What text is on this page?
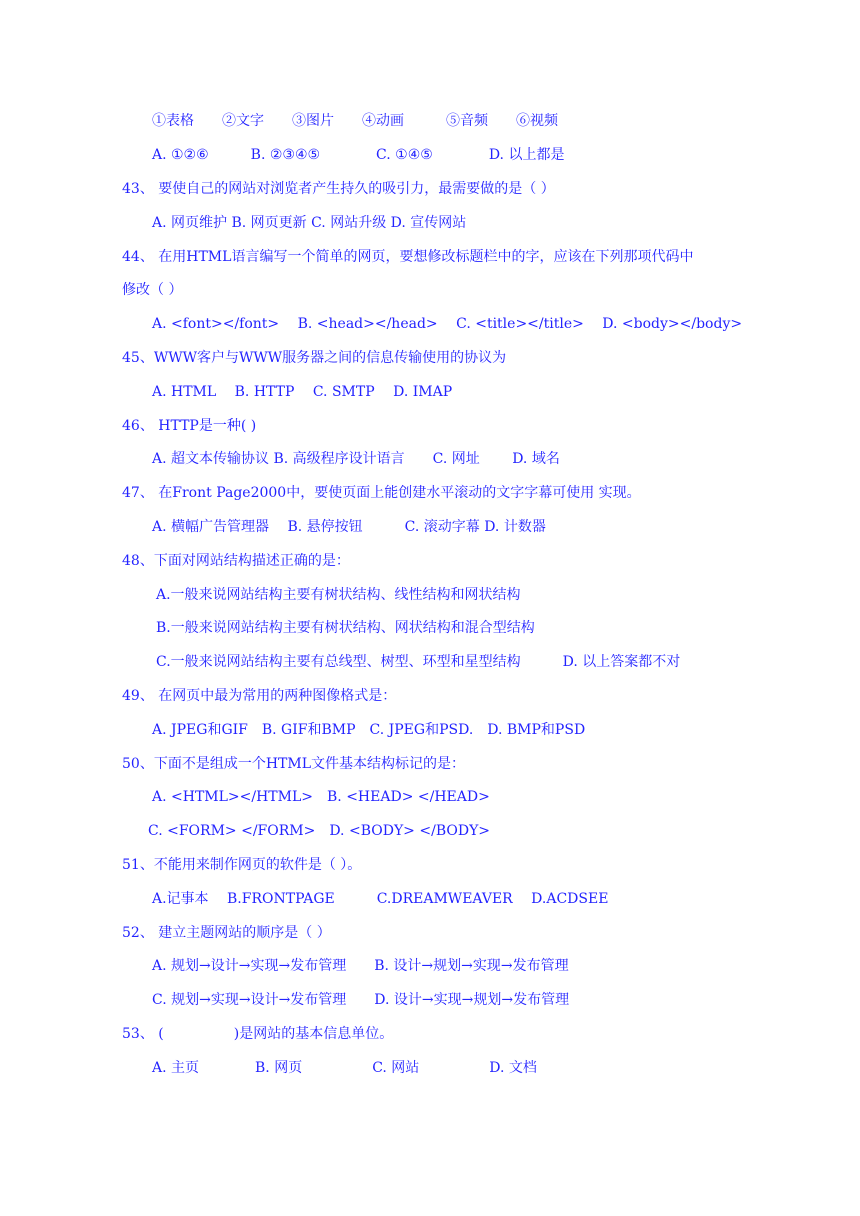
①表格　　②文字　　③图片　　④动画　　　⑤音频　　⑥视频
A. ①②⑥　　　B. ②③④⑤　　　　C. ①④⑤　　　　D. 以上都是
43、 要使自己的网站对浏览者产生持久的吸引力，最需要做的是（ ）
A. 网页维护 B. 网页更新 C. 网站升级 D. 宣传网站
44、 在用HTML语言编写一个简单的网页，要想修改标题栏中的字，应该在下列那项代码中
修改（ ）
A. <font></font>　 B. <head></head>　 C. <title></title>　 D. <body></body>
45、WWW客户与WWW服务器之间的信息传输使用的协议为
A. HTML　 B. HTTP　 C. SMTP　 D. IMAP
46、 HTTP是一种( )
A. 超文本传输协议 B. 高级程序设计语言　　C. 网址　　 D. 域名
47、 在Front Page2000中，要使页面上能创建水平滚动的文字字幕可使用 实现。
A. 横幅广告管理器　 B. 悬停按钮　　　C. 滚动字幕 D. 计数器
48、下面对网站结构描述正确的是：
A.一般来说网站结构主要有树状结构、线性结构和网状结构
B.一般来说网站结构主要有树状结构、网状结构和混合型结构
C.一般来说网站结构主要有总线型、树型、环型和星型结构　　　D. 以上答案都不对
49、 在网页中最为常用的两种图像格式是：
A. JPEG和GIF　B. GIF和BMP　C. JPEG和PSD.　D. BMP和PSD
50、下面不是组成一个HTML文件基本结构标记的是：
A. <HTML></HTML>　B. <HEAD> </HEAD>
C. <FORM> </FORM>　D. <BODY> </BODY>
51、不能用来制作网页的软件是（ ）。
A.记事本　 B.FRONTPAGE　　　C.DREAMWEAVER　 D.ACDSEE
52、 建立主题网站的顺序是（ ）
A. 规划→设计→实现→发布管理　　B. 设计→规划→实现→发布管理
C. 规划→实现→设计→发布管理　　D. 设计→实现→规划→发布管理
53、 (　　　　　)是网站的基本信息单位。
A. 主页　　　　B. 网页　　　　　C. 网站　　　　　D. 文档
